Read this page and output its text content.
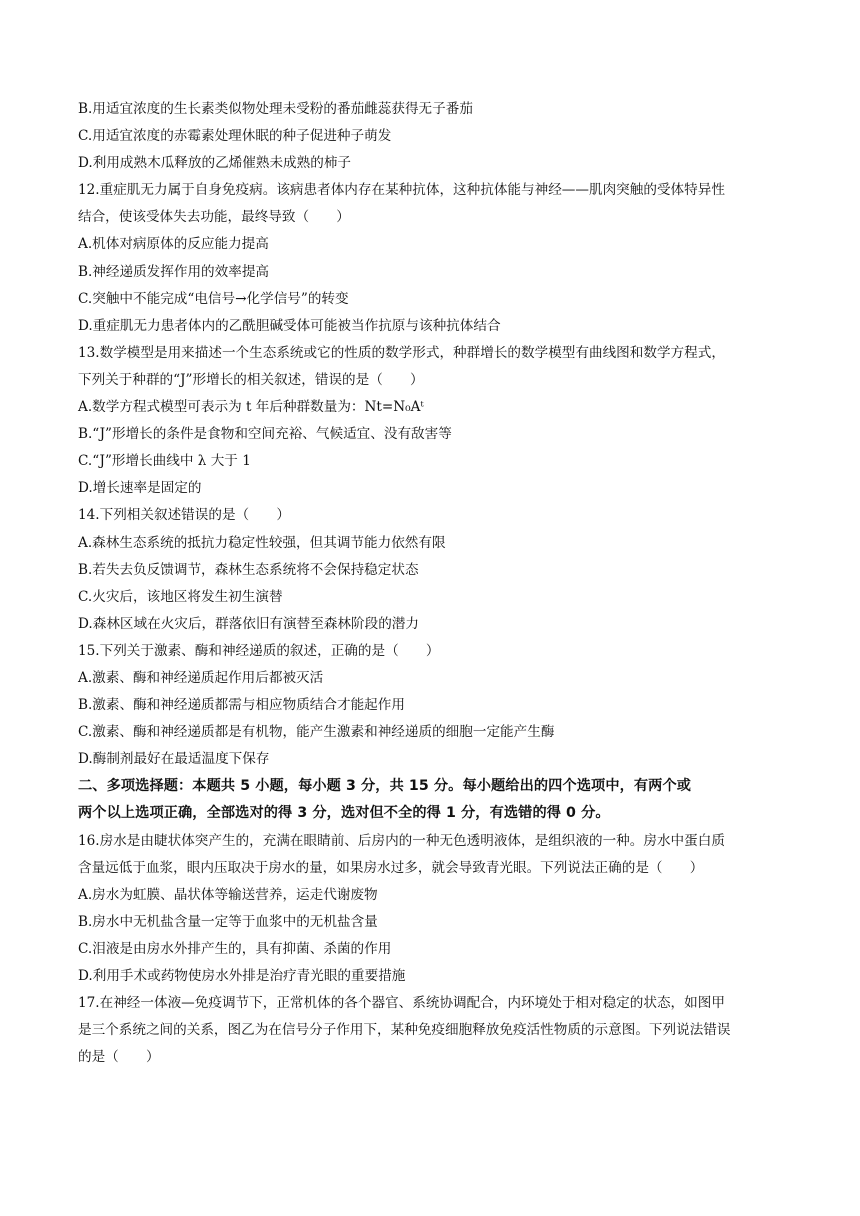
B.用适宜浓度的生长素类似物处理未受粉的番茄雌蕊获得无子番茄
C.用适宜浓度的赤霉素处理休眠的种子促进种子萌发
D.利用成熟木瓜释放的乙烯催熟未成熟的柿子
12.重症肌无力属于自身免疫病。该病患者体内存在某种抗体，这种抗体能与神经——肌肉突触的受体特异性
结合，使该受体失去功能，最终导致（　　）
A.机体对病原体的反应能力提高
B.神经递质发挥作用的效率提高
C.突触中不能完成“电信号→化学信号”的转变
D.重症肌无力患者体内的乙酰胆碱受体可能被当作抗原与该种抗体结合
13.数学模型是用来描述一个生态系统或它的性质的数学形式，种群增长的数学模型有曲线图和数学方程式，
下列关于种群的“J”形增长的相关叙述，错误的是（　　）
A.数学方程式模型可表示为 t 年后种群数量为：Nt=N₀Aᵗ
B.“J”形增长的条件是食物和空间充裕、气候适宜、没有敌害等
C.“J”形增长曲线中 λ 大于 1
D.增长速率是固定的
14.下列相关叙述错误的是（　　）
A.森林生态系统的抵抗力稳定性较强，但其调节能力依然有限
B.若失去负反馈调节，森林生态系统将不会保持稳定状态
C.火灾后，该地区将发生初生演替
D.森林区域在火灾后，群落依旧有演替至森林阶段的潜力
15.下列关于激素、酶和神经递质的叙述，正确的是（　　）
A.激素、酶和神经递质起作用后都被灭活
B.激素、酶和神经递质都需与相应物质结合才能起作用
C.激素、酶和神经递质都是有机物，能产生激素和神经递质的细胞一定能产生酶
D.酶制剂最好在最适温度下保存
二、多项选择题：本题共 5 小题，每小题 3 分，共 15 分。每小题给出的四个选项中，有两个或
两个以上选项正确，全部选对的得 3 分，选对但不全的得 1 分，有选错的得 0 分。
16.房水是由睫状体突产生的，充满在眼睛前、后房内的一种无色透明液体，是组织液的一种。房水中蛋白质
含量远低于血浆，眼内压取决于房水的量，如果房水过多，就会导致青光眼。下列说法正确的是（　　）
A.房水为虹膜、晶状体等输送营养，运走代谢废物
B.房水中无机盐含量一定等于血浆中的无机盐含量
C.泪液是由房水外排产生的，具有抑菌、杀菌的作用
D.利用手术或药物使房水外排是治疗青光眼的重要措施
17.在神经一体液—免疫调节下，正常机体的各个器官、系统协调配合，内环境处于相对稳定的状态，如图甲
是三个系统之间的关系，图乙为在信号分子作用下，某种免疫细胞释放免疫活性物质的示意图。下列说法错误
的是（　　）
